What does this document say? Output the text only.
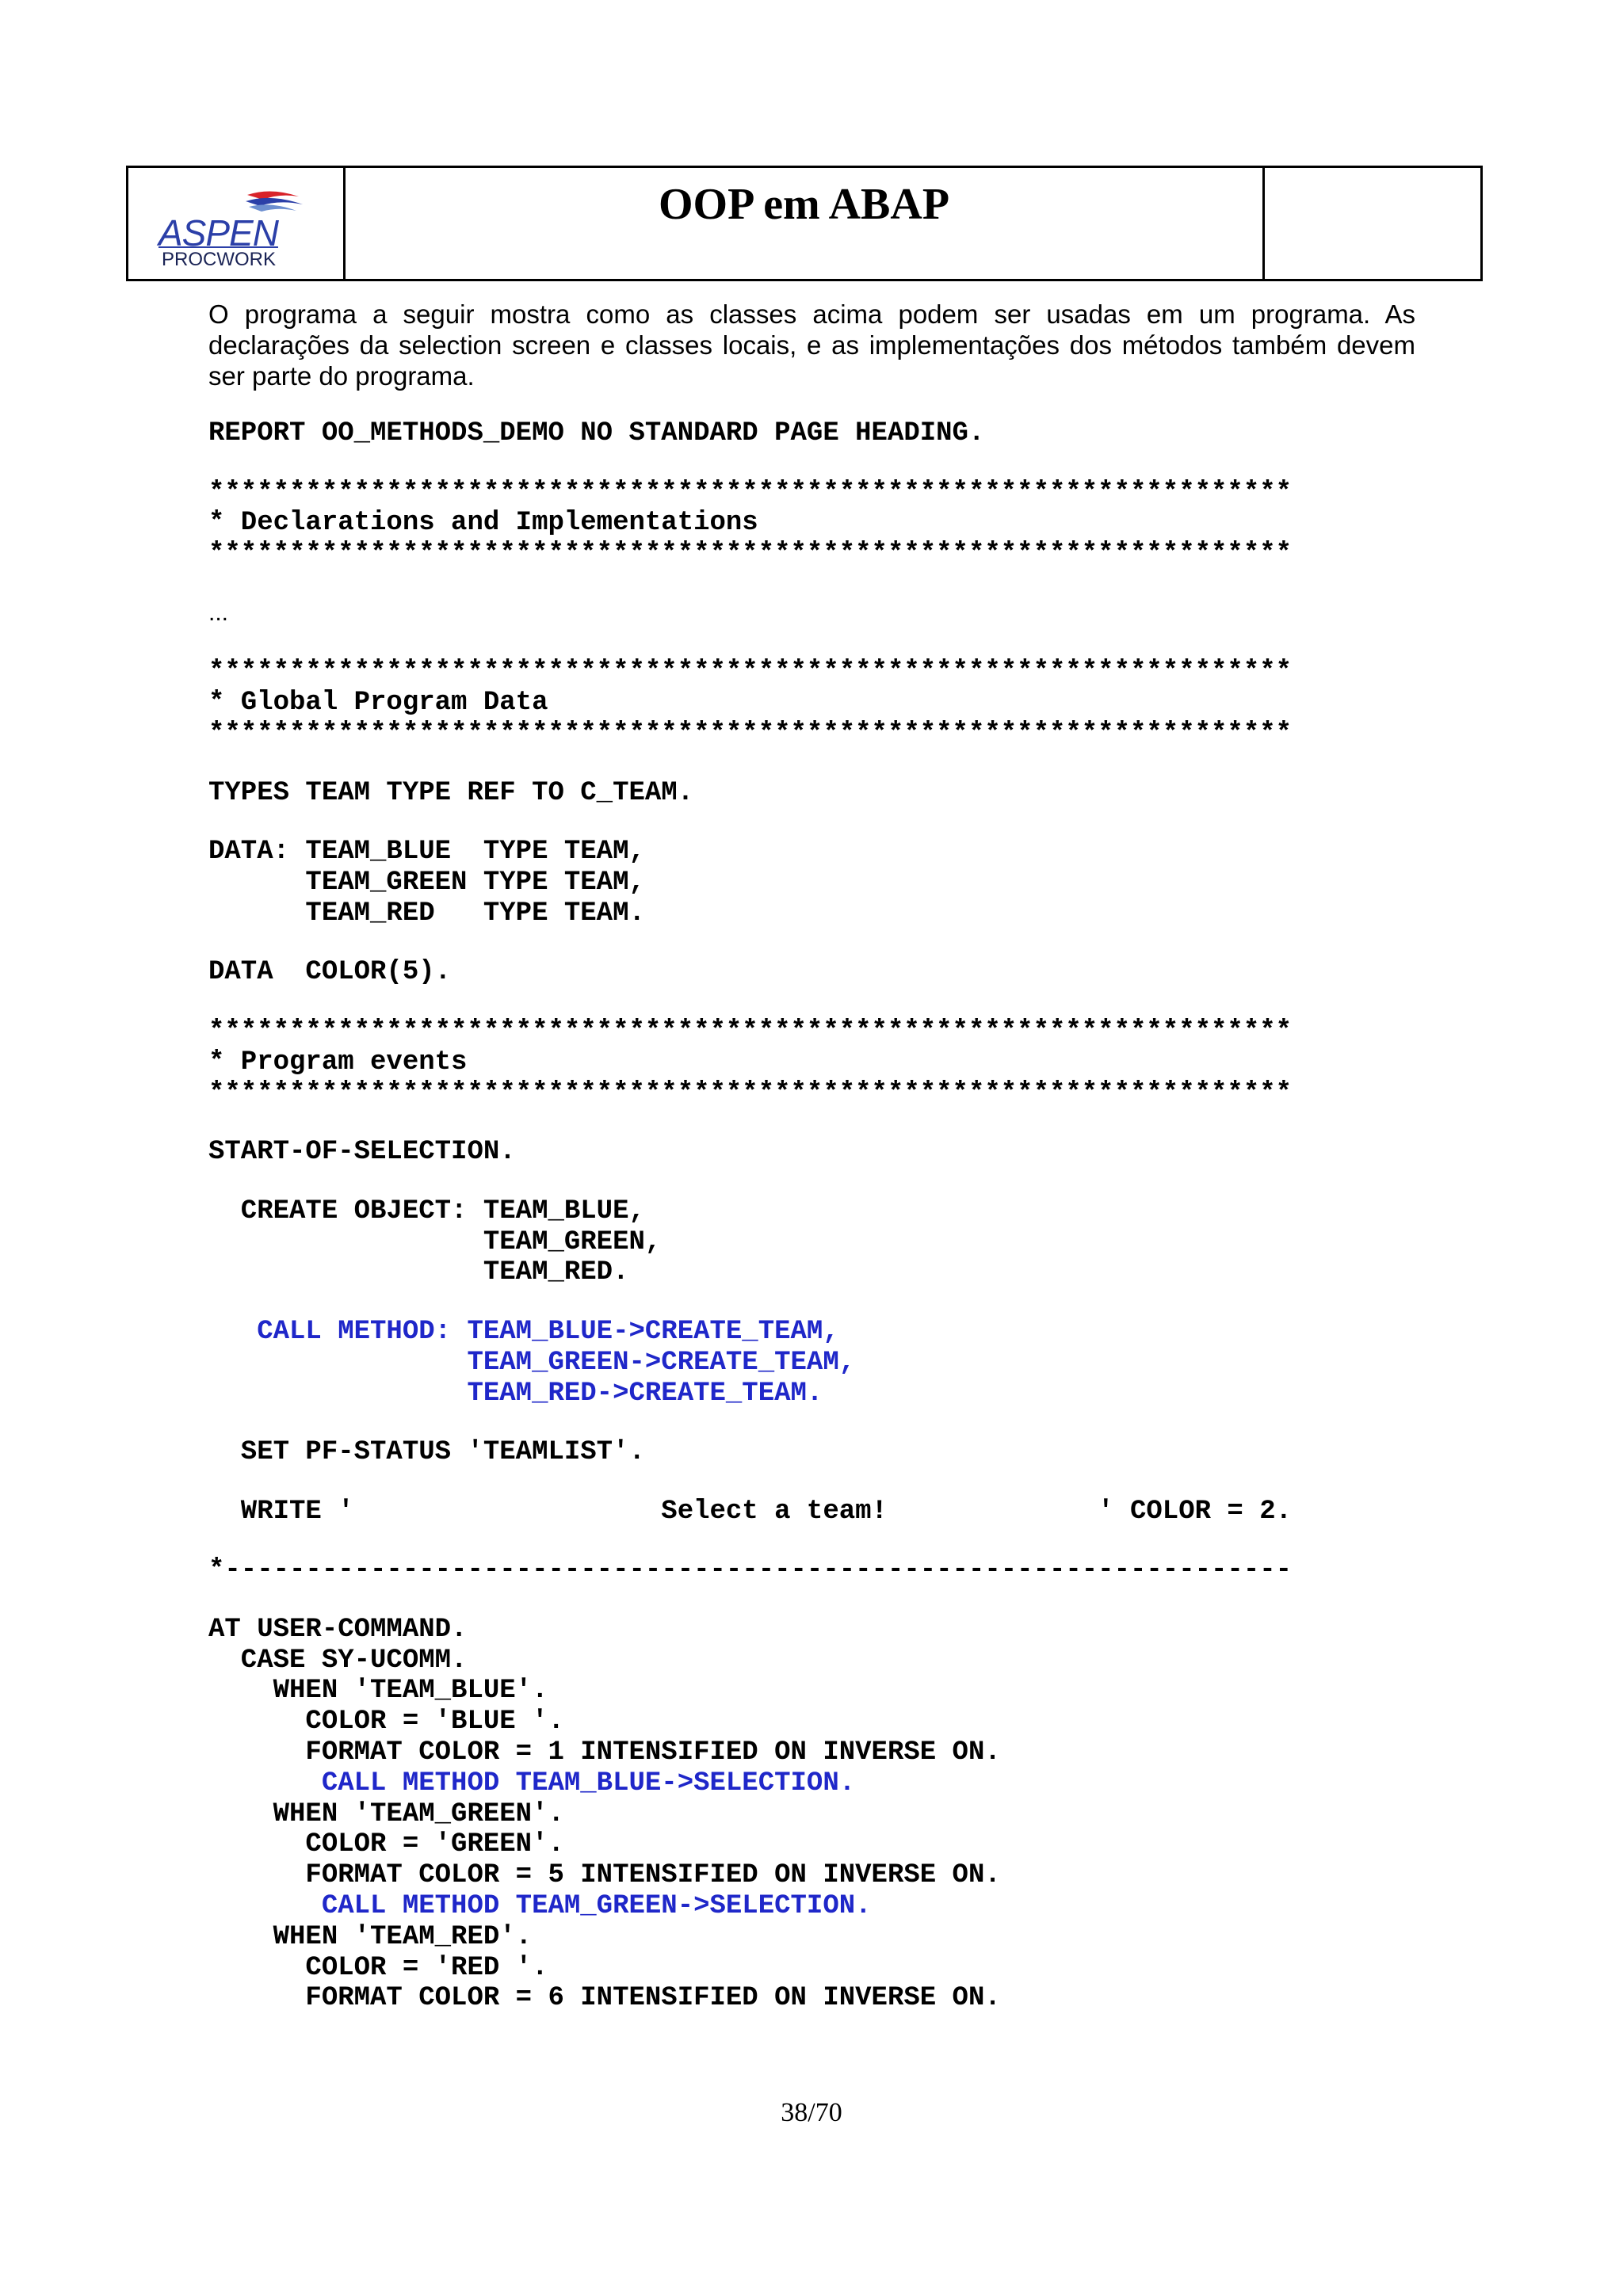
ASPEN
PROCWORK
OOP em ABAP

O programa a seguir mostra como as classes acima podem ser usadas em um programa. As declarações da selection screen e classes locais, e as implementações dos métodos também devem ser parte do programa.

REPORT OO_METHODS_DEMO NO STANDARD PAGE HEADING.
*******************************************************************
* Declarations and Implementations
*******************************************************************
...
*******************************************************************
* Global Program Data
*******************************************************************
TYPES TEAM TYPE REF TO C_TEAM.
DATA: TEAM_BLUE  TYPE TEAM,
TEAM_GREEN TYPE TEAM,
TEAM_RED   TYPE TEAM.
DATA  COLOR(5).
*******************************************************************
* Program events
*******************************************************************
START-OF-SELECTION.
CREATE OBJECT: TEAM_BLUE,
TEAM_GREEN,
TEAM_RED.
CALL METHOD: TEAM_BLUE->CREATE_TEAM,
TEAM_GREEN->CREATE_TEAM,
TEAM_RED->CREATE_TEAM.
SET PF-STATUS 'TEAMLIST'.
WRITE '                   Select a team!             ' COLOR = 2.
*------------------------------------------------------------------
AT USER-COMMAND.
CASE SY-UCOMM.
WHEN 'TEAM_BLUE'.
COLOR = 'BLUE '.
FORMAT COLOR = 1 INTENSIFIED ON INVERSE ON.
CALL METHOD TEAM_BLUE->SELECTION.
WHEN 'TEAM_GREEN'.
COLOR = 'GREEN'.
FORMAT COLOR = 5 INTENSIFIED ON INVERSE ON.
CALL METHOD TEAM_GREEN->SELECTION.
WHEN 'TEAM_RED'.
COLOR = 'RED '.
FORMAT COLOR = 6 INTENSIFIED ON INVERSE ON.
38/70
